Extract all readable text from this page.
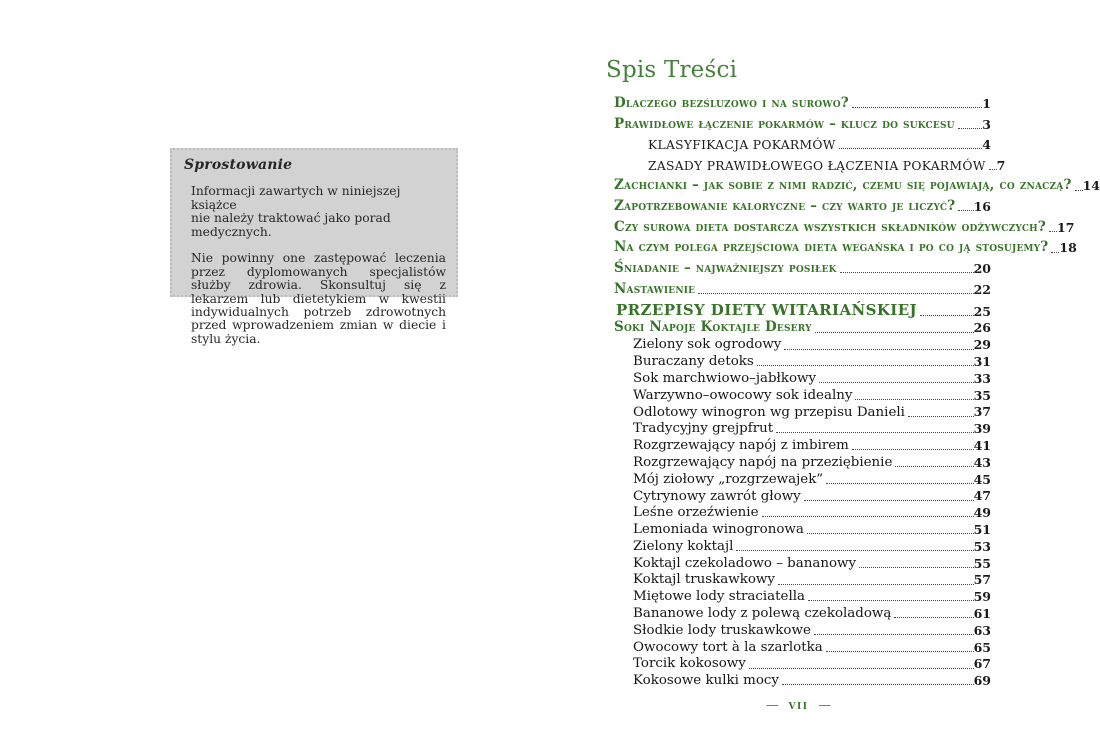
Sprostowanie
Informacji zawartych w niniejszej książce
nie należy traktować jako porad medycznych.
Nie powinny one zastępować leczenia przez dyplomowanych specjalistów służby zdrowia. Skonsultuj się z lekarzem lub dietetykiem w kwestii indywidualnych potrzeb zdrowotnych przed wprowadzeniem zmian w diecie i stylu życia.
Spis Treści
Dlaczego bezśluzowo i na surowo?	1
Prawidłowe łączenie pokarmów – klucz do sukcesu 3
KLASYFIKACJA POKARMÓW	4
ZASADY PRAWIDŁOWEGO ŁĄCZENIA POKARMÓW 7
Zachcianki – jak sobie z nimi radzić, czemu się pojawiają, co znaczą? 14
Zapotrzebowanie kaloryczne – czy warto je liczyć? 16
Czy surowa dieta dostarcza wszystkich składników odżywczych? 17
Na czym polega przejściowa dieta wegańska i po co ją stosujemy? 18
Śniadanie – najważniejszy posiłek	20
Nastawienie	22
PRZEPISY DIETY WITARIAŃSKIEJ	25
Soki Napoje Koktajle Desery	26
Zielony sok ogrodowy	29
Buraczany detoks	31
Sok marchwiowo–jabłkowy	33
Warzywno–owocowy sok idealny	35
Odlotowy winogron wg przepisu Danieli	37
Tradycyjny grejpfrut	39
Rozgrzewający napój z imbirem	41
Rozgrzewający napój na przeziębienie	43
Mój ziołowy „rozgrzewajek”	45
Cytrynowy zawrót głowy	47
Leśne orzeźwienie	49
Lemoniada winogronowa	51
Zielony koktajl	53
Koktajl czekoladowo – bananowy	55
Koktajl truskawkowy	57
Miętowe lody straciatella	59
Bananowe lody z polewą czekoladową	61
Słodkie lody truskawkowe	63
Owocowy tort à la szarlotka	65
Torcik kokosowy	67
Kokosowe kulki mocy	69
— vii —
